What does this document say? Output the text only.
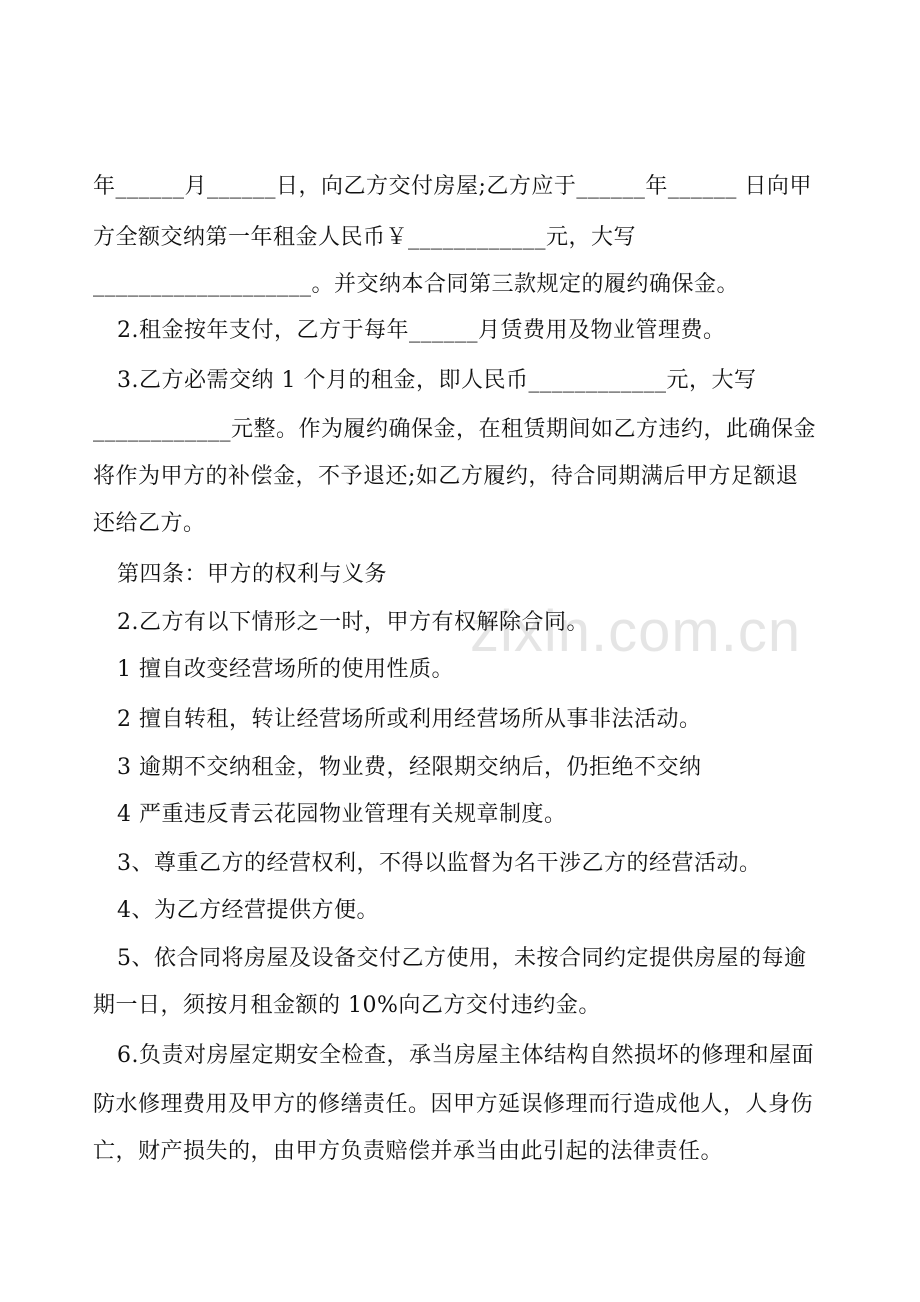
年______月______日，向乙方交付房屋;乙方应于______年______ 日向甲
方全额交纳第一年租金人民币￥____________元，大写
___________________。并交纳本合同第三款规定的履约确保金。
2.租金按年支付，乙方于每年______月赁费用及物业管理费。
3.乙方必需交纳 1 个月的租金，即人民币____________元，大写
____________元整。作为履约确保金，在租赁期间如乙方违约，此确保金
将作为甲方的补偿金，不予退还;如乙方履约，待合同期满后甲方足额退
还给乙方。
第四条：甲方的权利与义务
2.乙方有以下情形之一时，甲方有权解除合同。
1 擅自改变经营场所的使用性质。
2 擅自转租，转让经营场所或利用经营场所从事非法活动。
3 逾期不交纳租金，物业费，经限期交纳后，仍拒绝不交纳
4 严重违反青云花园物业管理有关规章制度。
3、尊重乙方的经营权利，不得以监督为名干涉乙方的经营活动。
4、为乙方经营提供方便。
5、依合同将房屋及设备交付乙方使用，未按合同约定提供房屋的每逾
期一日，须按月租金额的 10%向乙方交付违约金。
6.负责对房屋定期安全检查，承当房屋主体结构自然损坏的修理和屋面
防水修理费用及甲方的修缮责任。因甲方延误修理而行造成他人，人身伤
亡，财产损失的，由甲方负责赔偿并承当由此引起的法律责任。
zixin.com.cn
